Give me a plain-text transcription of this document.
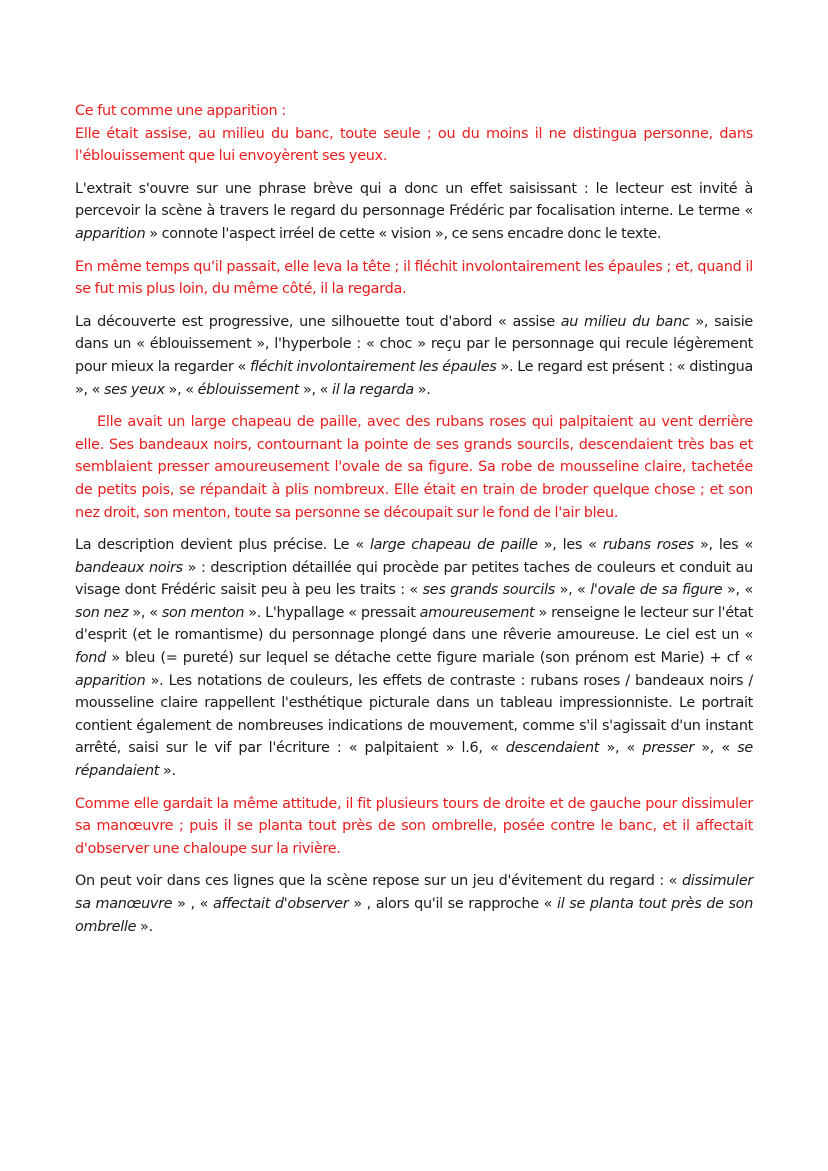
Ce fut comme une apparition :
Elle était assise, au milieu du banc, toute seule ; ou du moins il ne distingua personne, dans l'éblouissement que lui envoyèrent ses yeux.

L'extrait s'ouvre sur une phrase brève qui a donc un effet saisissant : le lecteur est invité à percevoir la scène à travers le regard du personnage Frédéric par focalisation interne. Le terme « apparition » connote l'aspect irréel de cette « vision », ce sens encadre donc le texte.

En même temps qu'il passait, elle leva la tête ; il fléchit involontairement les épaules ; et, quand il se fut mis plus loin, du même côté, il la regarda.

La découverte est progressive, une silhouette tout d'abord « assise au milieu du banc », saisie dans un « éblouissement », l'hyperbole : « choc » reçu par le personnage qui recule légèrement pour mieux la regarder « fléchit involontairement les épaules ». Le regard est présent : « distingua », « ses yeux », « éblouissement », « il la regarda ».

Elle avait un large chapeau de paille, avec des rubans roses qui palpitaient au vent derrière elle. Ses bandeaux noirs, contournant la pointe de ses grands sourcils, descendaient très bas et semblaient presser amoureusement l'ovale de sa figure. Sa robe de mousseline claire, tachetée de petits pois, se répandait à plis nombreux. Elle était en train de broder quelque chose ; et son nez droit, son menton, toute sa personne se découpait sur le fond de l'air bleu.

La description devient plus précise. Le « large chapeau de paille », les « rubans roses », les « bandeaux noirs » : description détaillée qui procède par petites taches de couleurs et conduit au visage dont Frédéric saisit peu à peu les traits : « ses grands sourcils », « l'ovale de sa figure », « son nez », « son menton ». L'hypallage « pressait amoureusement » renseigne le lecteur sur l'état d'esprit (et le romantisme) du personnage plongé dans une rêverie amoureuse. Le ciel est un « fond » bleu (= pureté) sur lequel se détache cette figure mariale (son prénom est Marie) + cf « apparition ». Les notations de couleurs, les effets de contraste : rubans roses / bandeaux noirs / mousseline claire rappellent l'esthétique picturale dans un tableau impressionniste. Le portrait contient également de nombreuses indications de mouvement, comme s'il s'agissait d'un instant arrêté, saisi sur le vif par l'écriture : « palpitaient » l.6, « descendaient », « presser », « se répandaient ».

Comme elle gardait la même attitude, il fit plusieurs tours de droite et de gauche pour dissimuler sa manœuvre ; puis il se planta tout près de son ombrelle, posée contre le banc, et il affectait d'observer une chaloupe sur la rivière.

On peut voir dans ces lignes que la scène repose sur un jeu d'évitement du regard : « dissimuler sa manœuvre » , « affectait d'observer » , alors qu'il se rapproche « il se planta tout près de son ombrelle ».
